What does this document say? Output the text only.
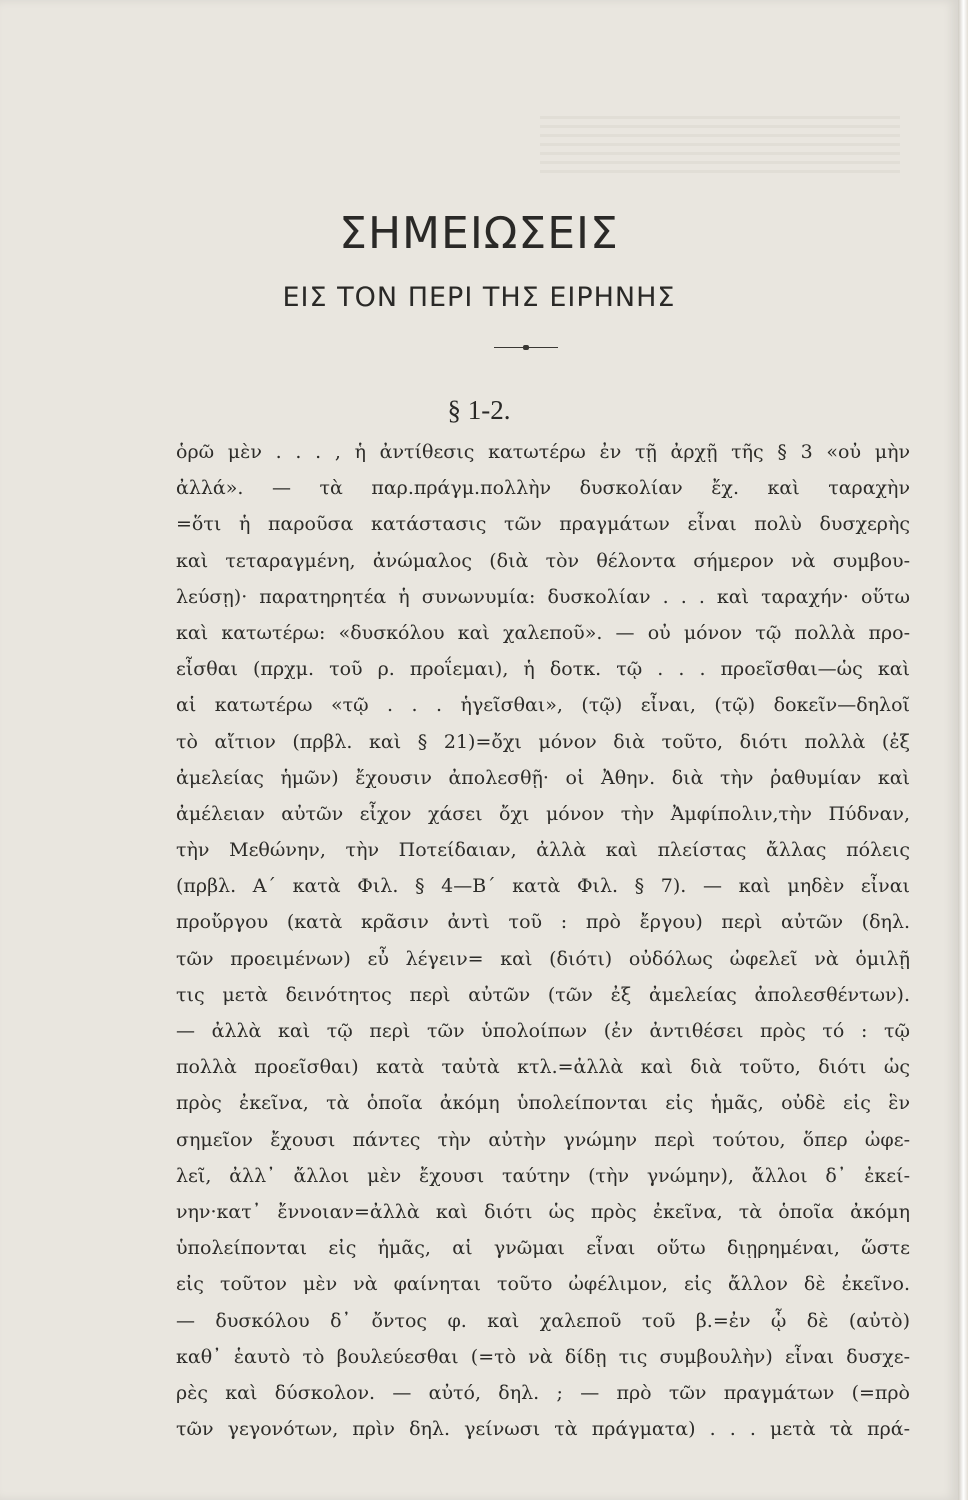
ΣΗΜΕΙΩΣΕΙΣ
ΕΙΣ ΤΟΝ ΠΕΡΙ ΤΗΣ ΕΙΡΗΝΗΣ
§ 1-2.
ὁρῶ μὲν . . . , ἡ ἀντίθεσις κατωτέρω ἐν τῇ ἀρχῇ τῆς § 3 «οὐ μὴν
ἀλλά». — τὰ παρ.πράγμ.πολλὴν δυσκολίαν ἔχ. καὶ ταραχὴν
=ὅτι ἡ παροῦσα κατάστασις τῶν πραγμάτων εἶναι πολὺ δυσχερὴς
καὶ τεταραγμένη, ἀνώμαλος (διὰ τὸν θέλοντα σήμερον νὰ συμβου-
λεύσῃ)· παρατηρητέα ἡ συνωνυμία: δυσκολίαν . . . καὶ ταραχήν· οὕτω
καὶ κατωτέρω: «δυσκόλου καὶ χαλεποῦ». — οὐ μόνον τῷ πολλὰ προ-
εἶσθαι (πρχμ. τοῦ ρ. προΐεμαι), ἡ δοτκ. τῷ . . . προεῖσθαι—ὡς καὶ
αἱ κατωτέρω «τῷ . . . ἡγεῖσθαι», (τῷ) εἶναι, (τῷ) δοκεῖν—δηλοῖ
τὸ αἴτιον (πρβλ. καὶ § 21)=ὄχι μόνον διὰ τοῦτο, διότι πολλὰ (ἐξ
ἀμελείας ἡμῶν) ἔχουσιν ἀπολεσθῇ· οἱ Ἀθην. διὰ τὴν ῥαθυμίαν καὶ
ἀμέλειαν αὐτῶν εἶχον χάσει ὄχι μόνον τὴν Ἀμφίπολιν,τὴν Πύδναν,
τὴν Μεθώνην, τὴν Ποτείδαιαν, ἀλλὰ καὶ πλείστας ἄλλας πόλεις
(πρβλ. Α΄ κατὰ Φιλ. § 4—Β΄ κατὰ Φιλ. § 7). — καὶ μηδὲν εἶναι
προὔργου (κατὰ κρᾶσιν ἀντὶ τοῦ : πρὸ ἔργου) περὶ αὐτῶν (δηλ.
τῶν προειμένων) εὖ λέγειν= καὶ (διότι) οὐδόλως ὠφελεῖ νὰ ὁμιλῇ
τις μετὰ δεινότητος περὶ αὐτῶν (τῶν ἐξ ἀμελείας ἀπολεσθέντων).
— ἀλλὰ καὶ τῷ περὶ τῶν ὑπολοίπων (ἐν ἀντιθέσει πρὸς τό : τῷ
πολλὰ προεῖσθαι) κατὰ ταὐτὰ κτλ.=ἀλλὰ καὶ διὰ τοῦτο, διότι ὡς
πρὸς ἐκεῖνα, τὰ ὁποῖα ἀκόμη ὑπολείπονται εἰς ἡμᾶς, οὐδὲ εἰς ἓν
σημεῖον ἔχουσι πάντες τὴν αὐτὴν γνώμην περὶ τούτου, ὅπερ ὠφε-
λεῖ, ἀλλ᾽ ἄλλοι μὲν ἔχουσι ταύτην (τὴν γνώμην), ἄλλοι δ᾽ ἐκεί-
νην·κατ᾽ ἔννοιαν=ἀλλὰ καὶ διότι ὡς πρὸς ἐκεῖνα, τὰ ὁποῖα ἀκόμη
ὑπολείπονται εἰς ἡμᾶς, αἱ γνῶμαι εἶναι οὕτω διῃρημέναι, ὥστε
εἰς τοῦτον μὲν νὰ φαίνηται τοῦτο ὠφέλιμον, εἰς ἄλλον δὲ ἐκεῖνο.
— δυσκόλου δ᾽ ὄντος φ. καὶ χαλεποῦ τοῦ β.=ἐν ᾧ δὲ (αὐτὸ)
καθ᾽ ἑαυτὸ τὸ βουλεύεσθαι (=τὸ νὰ δίδῃ τις συμβουλὴν) εἶναι δυσχε-
ρὲς καὶ δύσκολον. — αὐτό, δηλ. ; — πρὸ τῶν πραγμάτων (=πρὸ
τῶν γεγονότων, πρὶν δηλ. γείνωσι τὰ πράγματα) . . . μετὰ τὰ πρά-
